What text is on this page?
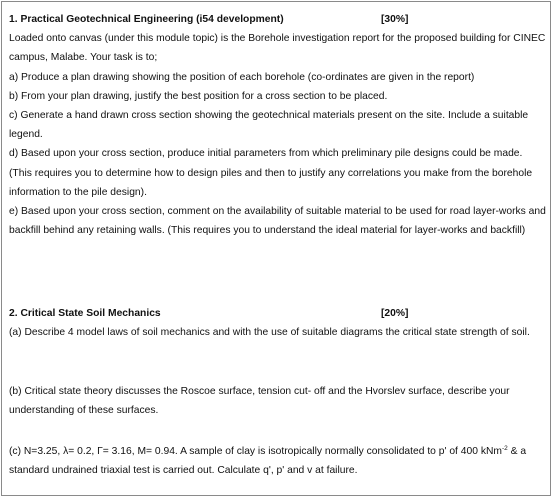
1. Practical Geotechnical Engineering (i54 development)	[30%]

Loaded onto canvas (under this module topic) is the Borehole investigation report for the proposed building for CINEC campus, Malabe. Your task is to;

a) Produce a plan drawing showing the position of each borehole (co-ordinates are given in the report)

b) From your plan drawing, justify the best position for a cross section to be placed.

c) Generate a hand drawn cross section showing the geotechnical materials present on the site. Include a suitable legend.

d) Based upon your cross section, produce initial parameters from which preliminary pile designs could be made. (This requires you to determine how to design piles and then to justify any correlations you make from the borehole information to the pile design).

e) Based upon your cross section, comment on the availability of suitable material to be used for road layer-works and backfill behind any retaining walls. (This requires you to understand the ideal material for layer-works and backfill)

2. Critical State Soil Mechanics	[20%]

(a) Describe 4 model laws of soil mechanics and with the use of suitable diagrams the critical state strength of soil.

(b) Critical state theory discusses the Roscoe surface, tension cut- off and the Hvorslev surface, describe your understanding of these surfaces.

(c) N=3.25, λ= 0.2, Γ= 3.16, M= 0.94. A sample of clay is isotropically normally consolidated to p' of 400 kNm$^{-2}$ & a standard undrained triaxial test is carried out. Calculate q', p' and v at failure.
